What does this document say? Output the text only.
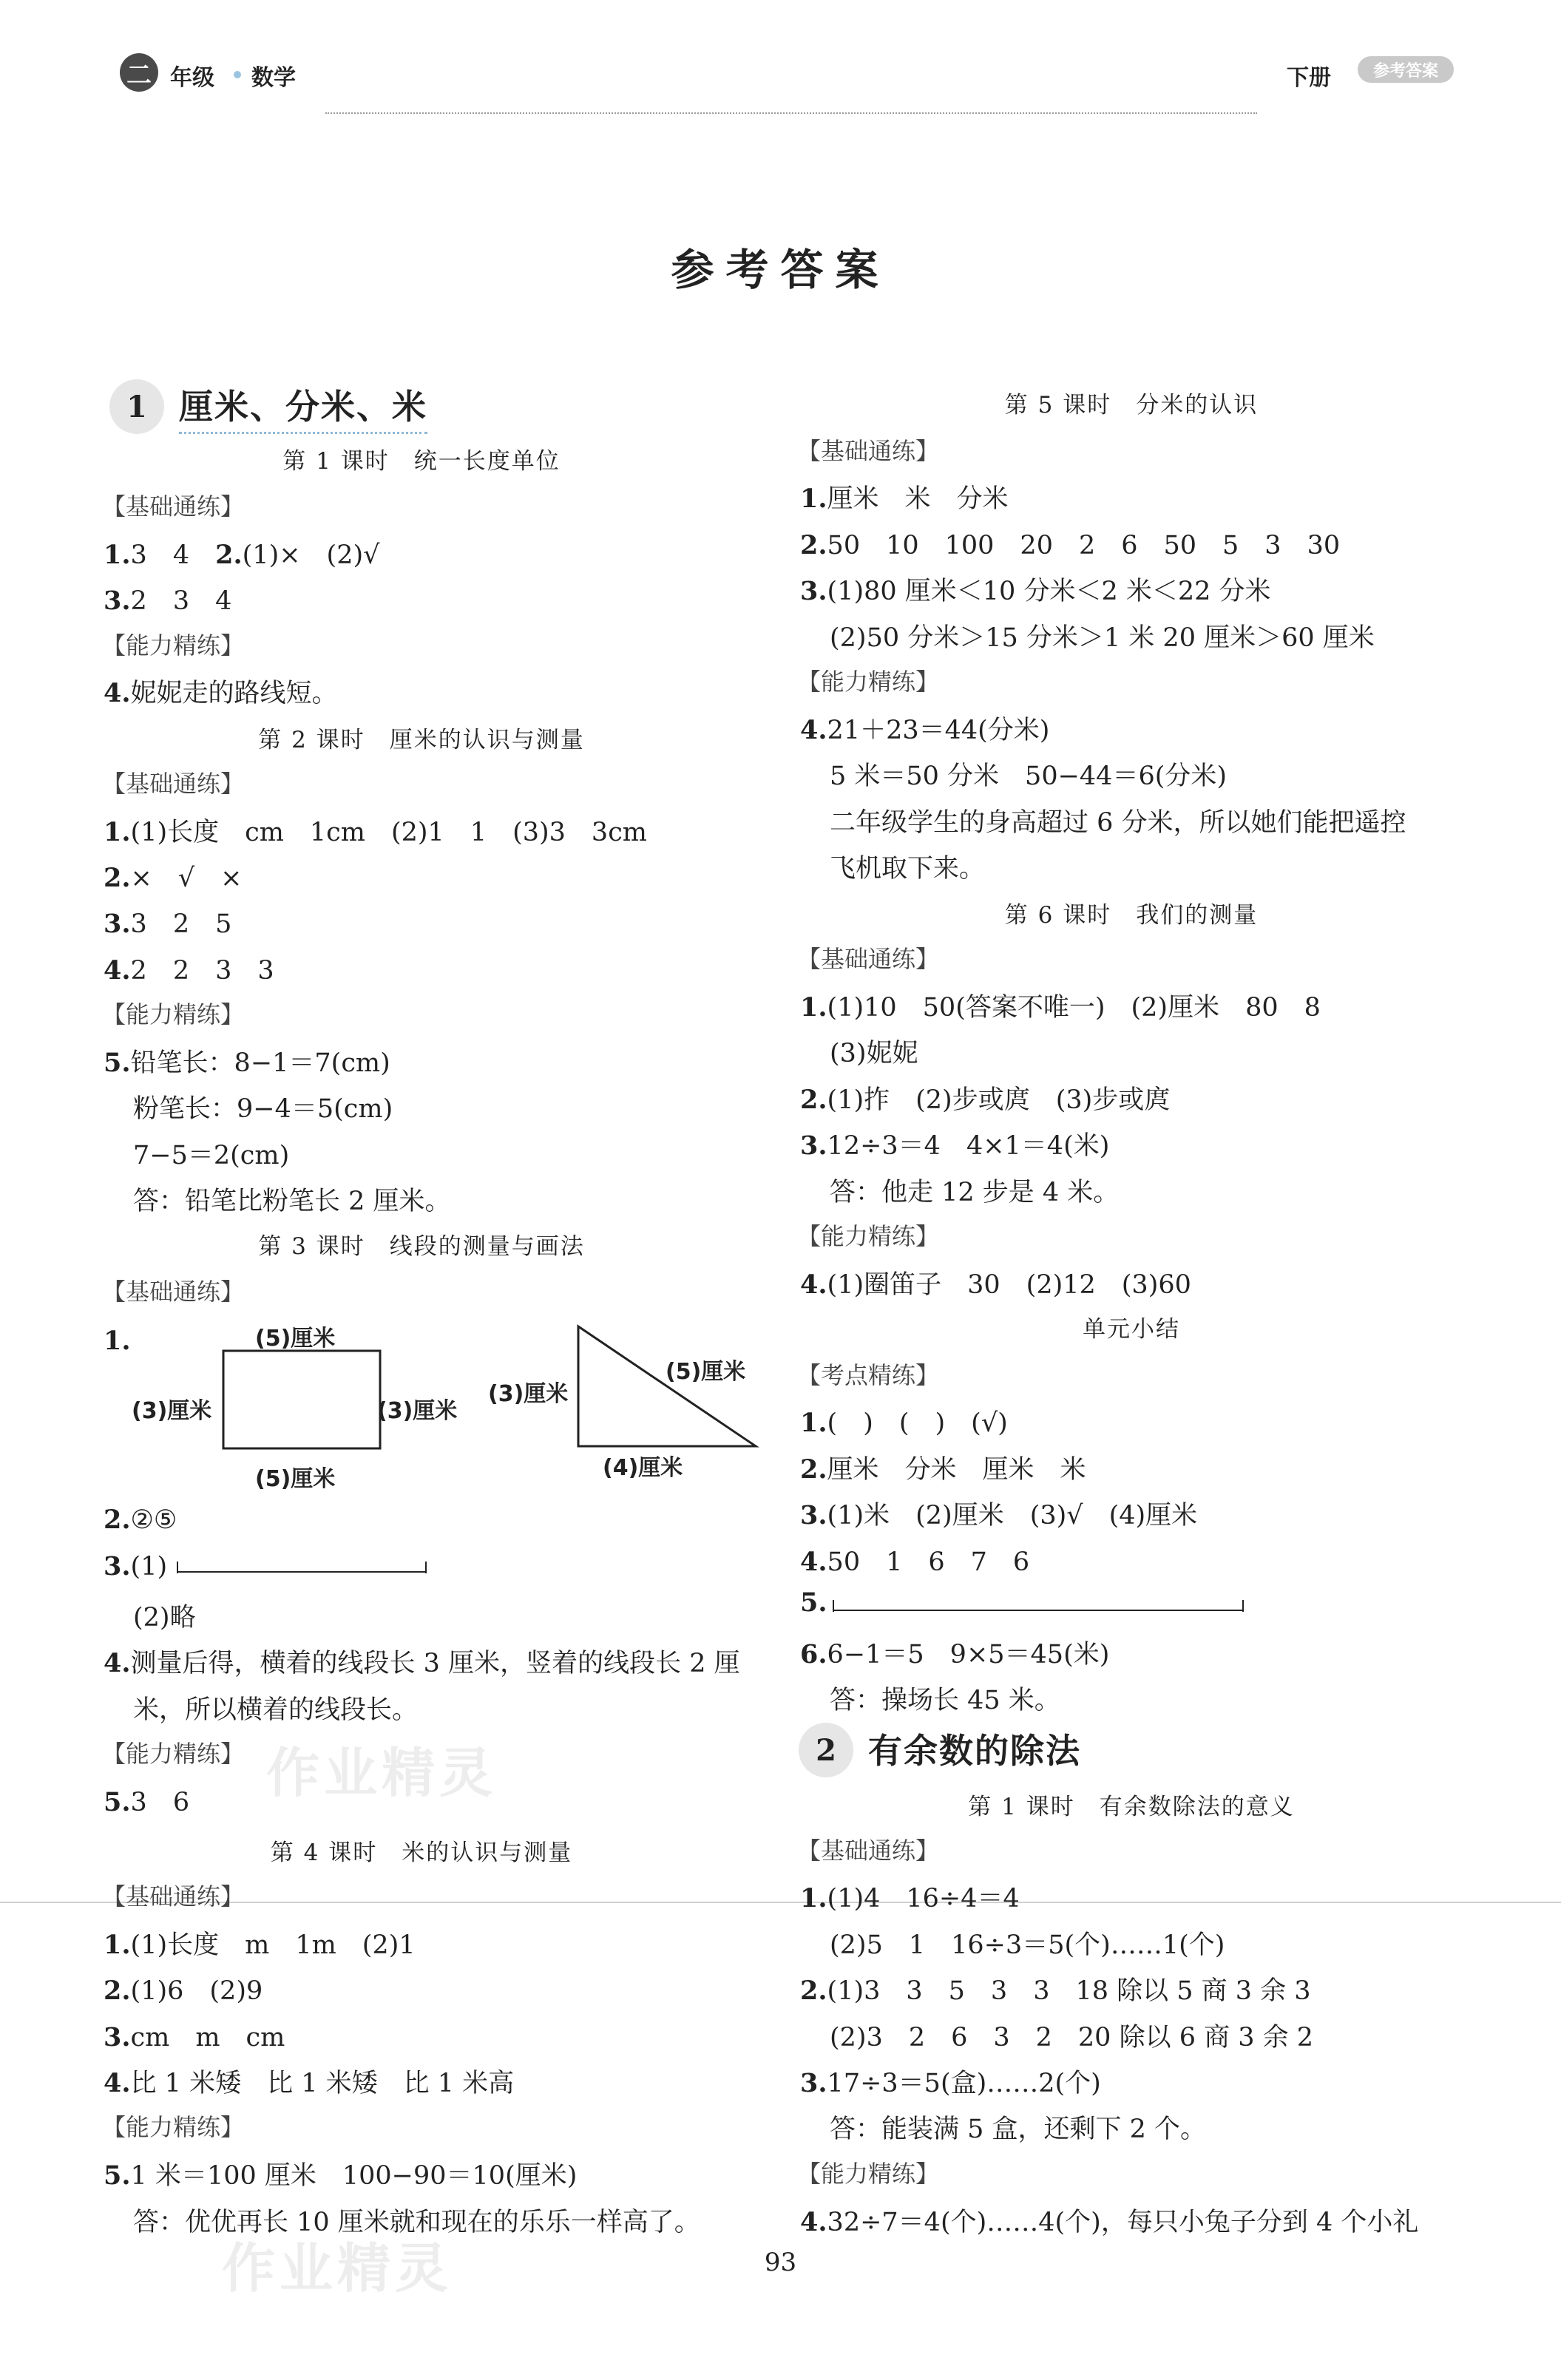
二 年级 数学	下册	参考答案
参考答案
作业精灵
作业精灵
1 厘米、分米、米
第 1 课时　统一长度单位
【基础通练】
1.3　4　 2.(1)×　(2)√
3.2　3　4
【能力精练】
4.妮妮走的路线短。
第 2 课时　厘米的认识与测量
【基础通练】
1.(1)长度　cm　1cm　(2)1　1　(3)3　3cm
2.×　√　×
3.3　2　5
4.2　2　3　3
【能力精练】
5.铅笔长：8−1＝7(cm)
粉笔长：9−4＝5(cm)
7−5＝2(cm)
答：铅笔比粉笔长 2 厘米。
第 3 课时　线段的测量与画法
【基础通练】
1.	(5)厘米
(3)厘米	(3)厘米
(5)厘米
(3)厘米
(5)厘米
(4)厘米
2.②⑤
3.(1)
(2)略
4.测量后得，横着的线段长 3 厘米，竖着的线段长 2 厘
米，所以横着的线段长。
【能力精练】
5.3　6
第 4 课时　米的认识与测量
【基础通练】
1.(1)长度　m　1m　(2)1
2.(1)6　(2)9
3.cm　m　cm
4.比 1 米矮　比 1 米矮　比 1 米高
【能力精练】
5.1 米＝100 厘米　100−90＝10(厘米)
答：优优再长 10 厘米就和现在的乐乐一样高了。
第 5 课时　分米的认识
【基础通练】
1.厘米　米　分米
2.50　10　100　20　2　6　50　5　3　30
3.(1)80 厘米＜10 分米＜2 米＜22 分米
(2)50 分米＞15 分米＞1 米 20 厘米＞60 厘米
【能力精练】
4.21＋23＝44(分米)
5 米＝50 分米　50−44＝6(分米)
二年级学生的身高超过 6 分米，所以她们能把遥控
飞机取下来。
第 6 课时　我们的测量
【基础通练】
1.(1)10　50(答案不唯一)　(2)厘米　80　8
(3)妮妮
2.(1)拃　(2)步或庹　(3)步或庹
3.12÷3＝4　4×1＝4(米)
答：他走 12 步是 4 米。
【能力精练】
4.(1)圈笛子　30　(2)12　(3)60
单元小结
【考点精练】
1.(　)　(　)　(√)
2.厘米　分米　厘米　米
3.(1)米　(2)厘米　(3)√　(4)厘米
4.50　1　6　7　6
5.
6.6−1＝5　9×5＝45(米)
答：操场长 45 米。
2 有余数的除法
第 1 课时　有余数除法的意义
【基础通练】
1.(1)4　16÷4＝4
(2)5　1　16÷3＝5(个)……1(个)
2.(1)3　3　5　3　3　18 除以 5 商 3 余 3
(2)3　2　6　3　2　20 除以 6 商 3 余 2
3.17÷3＝5(盒)……2(个)
答：能装满 5 盒，还剩下 2 个。
【能力精练】
4.32÷7＝4(个)……4(个)，每只小兔子分到 4 个小礼
93
